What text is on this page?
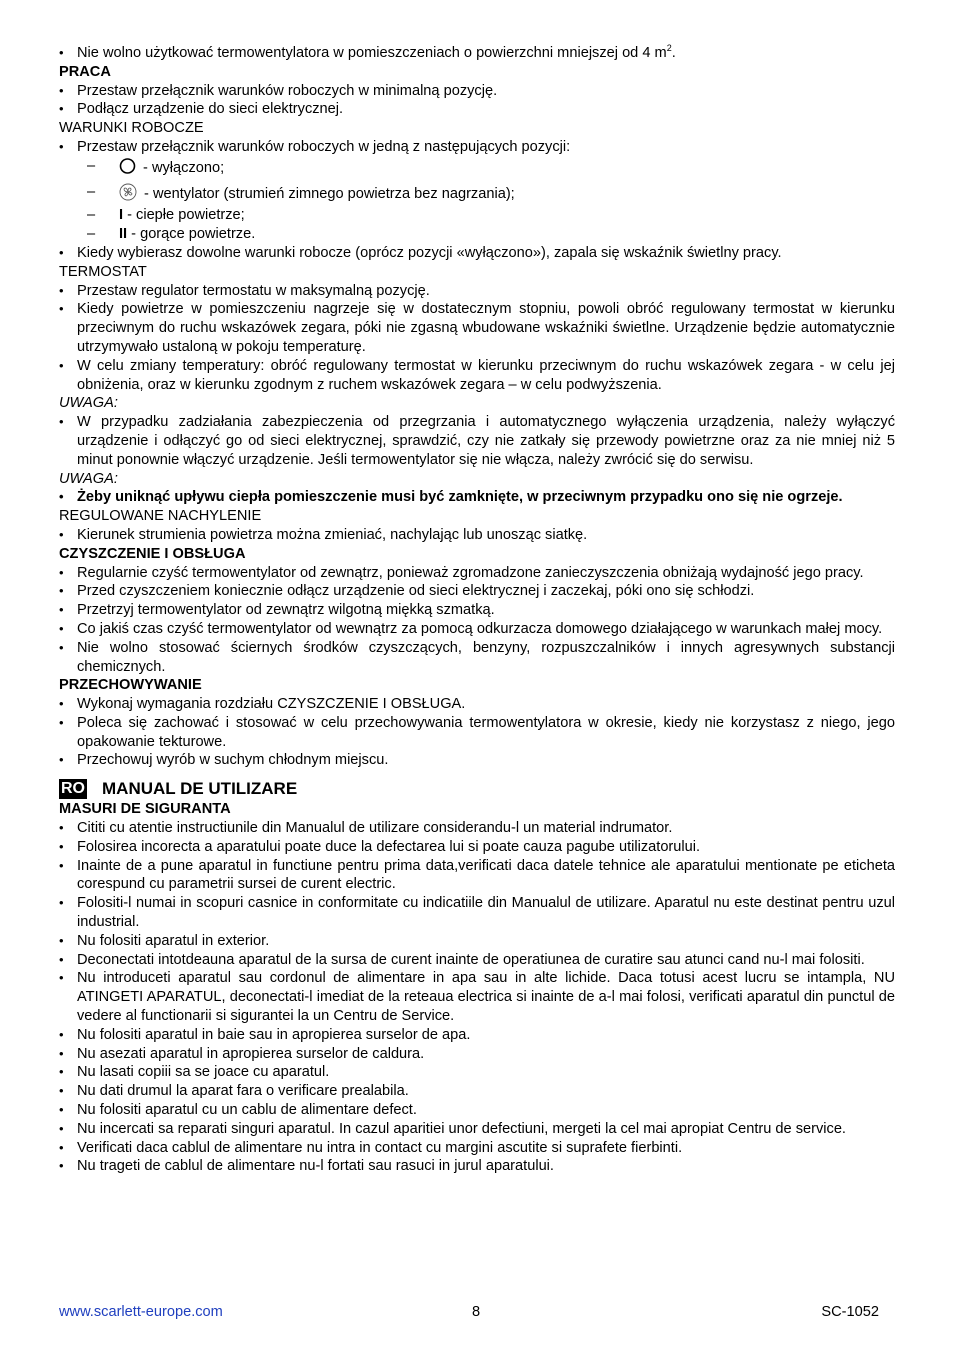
• Nie wolno użytkować termowentylatora w pomieszczeniach o powierzchni mniejszej od 4 $m^2$.
PRACA
• Przestaw przełącznik warunków roboczych w minimalną pozycję.
• Podłącz urządzenie do sieci elektrycznej.
WARUNKI ROBOCZE
• Przestaw przełącznik warunków roboczych w jedną z następujących pozycji:
– - wyłączono;
– - wentylator (strumień zimnego powietrza bez nagrzania);
– I - ciepłe powietrze;
– II - gorące powietrze.
• Kiedy wybierasz dowolne warunki robocze (oprócz pozycji «wyłączono»), zapala się wskaźnik świetlny pracy.
TERMOSTAT
• Przestaw regulator termostatu w maksymalną pozycję.
• Kiedy powietrze w pomieszczeniu nagrzeje się w dostatecznym stopniu, powoli obróć regulowany termostat w kierunku przeciwnym do ruchu wskazówek zegara, póki nie zgasną wbudowane wskaźniki świetlne. Urządzenie będzie automatycznie utrzymywało ustaloną w pokoju temperaturę.
• W celu zmiany temperatury: obróć regulowany termostat w kierunku przeciwnym do ruchu wskazówek zegara - w celu jej obniżenia, oraz w kierunku zgodnym z ruchem wskazówek zegara – w celu podwyższenia.
UWAGA:
• W przypadku zadziałania zabezpieczenia od przegrzania i automatycznego wyłączenia urządzenia, należy wyłączyć urządzenie i odłączyć go od sieci elektrycznej, sprawdzić, czy nie zatkały się przewody powietrzne oraz za nie mniej niż 5 minut ponownie włączyć urządzenie. Jeśli termowentylator się nie włącza, należy zwrócić się do serwisu.
UWAGA:
• Żeby uniknąć upływu ciepła pomieszczenie musi być zamknięte, w przeciwnym przypadku ono się nie ogrzeje.
REGULOWANE NACHYLENIE
• Kierunek strumienia powietrza można zmieniać, nachylając lub unosząc siatkę.
CZYSZCZENIE I OBSŁUGA
• Regularnie czyść termowentylator od zewnątrz, ponieważ zgromadzone zanieczyszczenia obniżają wydajność jego pracy.
• Przed czyszczeniem koniecznie odłącz urządzenie od sieci elektrycznej i zaczekaj, póki ono się schłodzi.
• Przetrzyj termowentylator od zewnątrz wilgotną miękką szmatką.
• Co jakiś czas czyść termowentylator od wewnątrz za pomocą odkurzacza domowego działającego w warunkach małej mocy.
• Nie wolno stosować ściernych środków czyszczących, benzyny, rozpuszczalników i innych agresywnych substancji chemicznych.
PRZECHOWYWANIE
• Wykonaj wymagania rozdziału CZYSZCZENIE I OBSŁUGA.
• Poleca się zachować i stosować w celu przechowywania termowentylatora w okresie, kiedy nie korzystasz z niego, jego opakowanie tekturowe.
• Przechowuj wyrób w suchym chłodnym miejscu.
RO MANUAL DE UTILIZARE
MASURI DE SIGURANTA
• Cititi cu atentie instructiunile din Manualul de utilizare considerandu-l un material indrumator.
• Folosirea incorecta a aparatului poate duce la defectarea lui si poate cauza pagube utilizatorului.
• Inainte de a pune aparatul in functiune pentru prima data,verificati daca datele tehnice ale aparatului mentionate pe eticheta corespund cu parametrii sursei de curent electric.
• Folositi-l numai in scopuri casnice in conformitate cu indicatiile din Manualul de utilizare. Aparatul nu este destinat pentru uzul industrial.
• Nu folositi aparatul in exterior.
• Deconectati intotdeauna aparatul de la sursa de curent inainte de operatiunea de curatire sau atunci cand nu-l mai folositi.
• Nu introduceti aparatul sau cordonul de alimentare in apa sau in alte lichide. Daca totusi acest lucru se intampla, NU ATINGETI APARATUL, deconectati-l imediat de la reteaua electrica si inainte de a-l mai folosi, verificati aparatul din punctul de vedere al functionarii si sigurantei la un Centru de Service.
• Nu folositi aparatul in baie sau in apropierea surselor de apa.
• Nu asezati aparatul in apropierea surselor de caldura.
• Nu lasati copiii sa se joace cu aparatul.
• Nu dati drumul la aparat fara o verificare prealabila.
• Nu folositi aparatul cu un cablu de alimentare defect.
• Nu incercati sa reparati singuri aparatul. In cazul aparitiei unor defectiuni, mergeti la cel mai apropiat Centru de service.
• Verificati daca cablul de alimentare nu intra in contact cu margini ascutite si suprafete fierbinti.
• Nu trageti de cablul de alimentare nu-l fortati sau rasuci in jurul aparatului.
www.scarlett-europe.com	8	SC-1052
